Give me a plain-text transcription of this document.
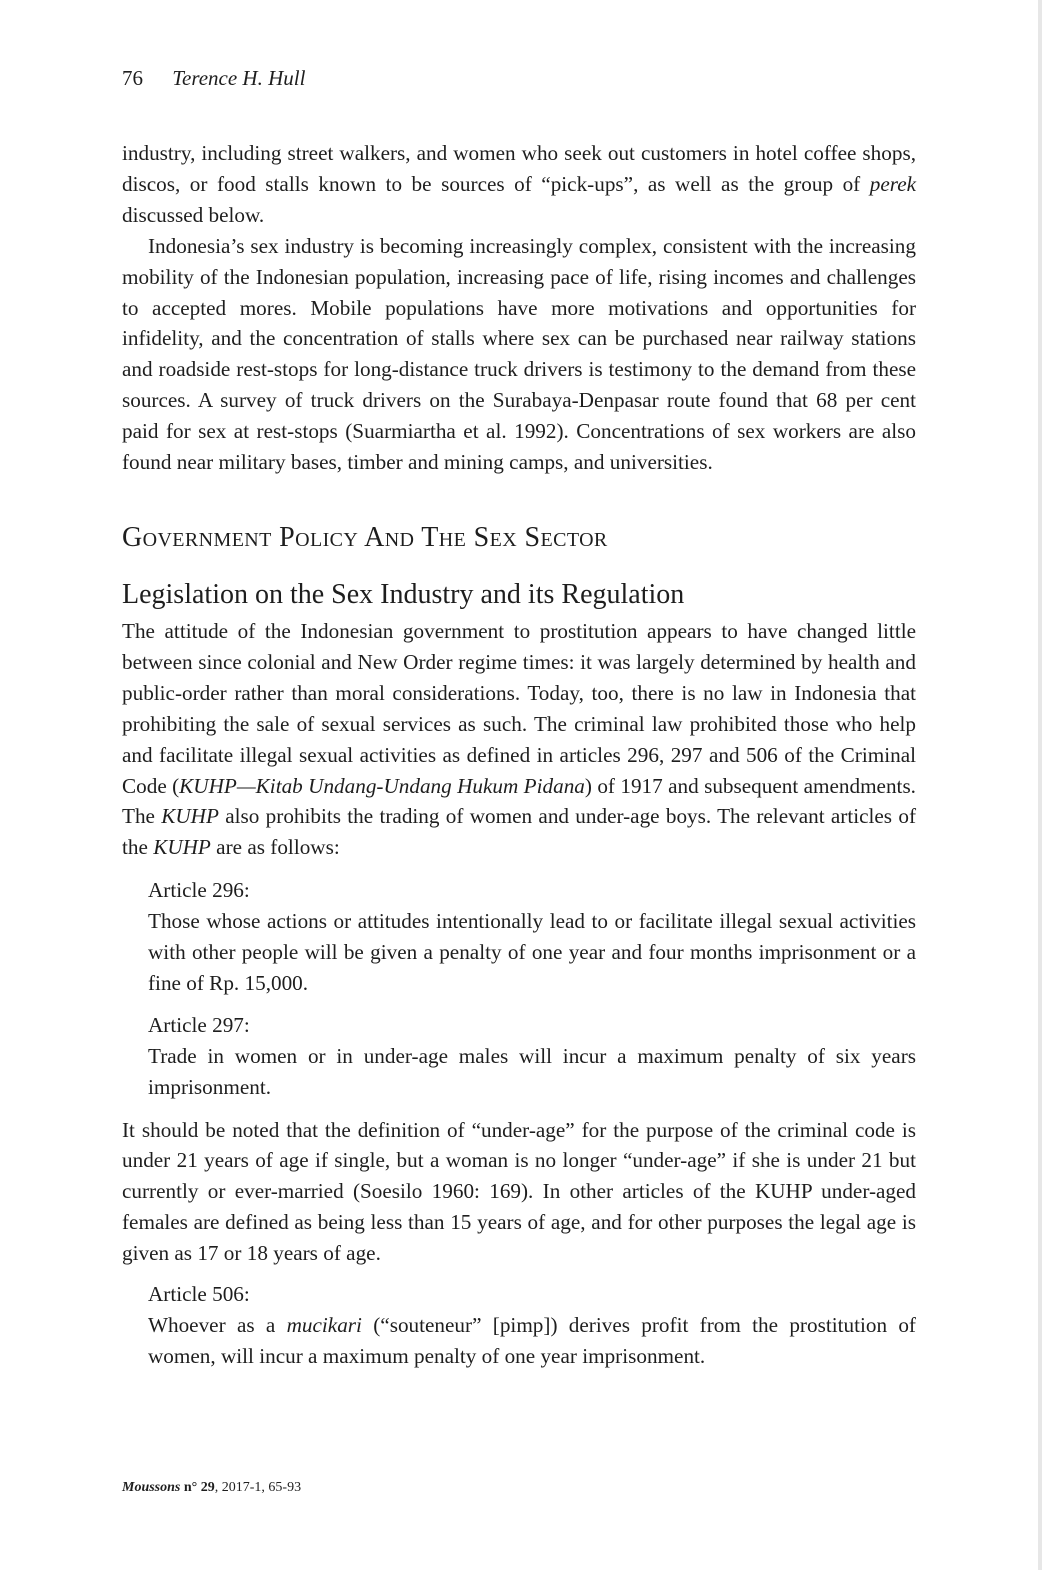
76 Terence H. Hull

industry, including street walkers, and women who seek out customers in hotel coffee shops, discos, or food stalls known to be sources of “pick-ups”, as well as the group of perek discussed below.

Indonesia’s sex industry is becoming increasingly complex, consistent with the increasing mobility of the Indonesian population, increasing pace of life, rising incomes and challenges to accepted mores. Mobile populations have more motivations and opportunities for infidelity, and the concentration of stalls where sex can be purchased near railway stations and roadside rest-stops for long-distance truck drivers is testimony to the demand from these sources. A survey of truck drivers on the Surabaya-Denpasar route found that 68 per cent paid for sex at rest-stops (Suarmiartha et al. 1992). Concentrations of sex workers are also found near military bases, timber and mining camps, and universities.

Government Policy And The Sex Sector
Legislation on the Sex Industry and its Regulation

The attitude of the Indonesian government to prostitution appears to have changed little between since colonial and New Order regime times: it was largely determined by health and public-order rather than moral considerations. Today, too, there is no law in Indonesia that prohibiting the sale of sexual services as such. The criminal law prohibited those who help and facilitate illegal sexual activities as defined in articles 296, 297 and 506 of the Criminal Code (KUHP—Kitab Undang-Undang Hukum Pidana) of 1917 and subsequent amendments. The KUHP also prohibits the trading of women and under-age boys. The relevant articles of the KUHP are as follows:

Article 296:

Those whose actions or attitudes intentionally lead to or facilitate illegal sexual activities with other people will be given a penalty of one year and four months imprisonment or a fine of Rp. 15,000.

Article 297:

Trade in women or in under-age males will incur a maximum penalty of six years imprisonment.

It should be noted that the definition of “under-age” for the purpose of the criminal code is under 21 years of age if single, but a woman is no longer “under-age” if she is under 21 but currently or ever-married (Soesilo 1960: 169). In other articles of the KUHP under-aged females are defined as being less than 15 years of age, and for other purposes the legal age is given as 17 or 18 years of age.

Article 506:

Whoever as a mucikari (“souteneur” [pimp]) derives profit from the prostitution of women, will incur a maximum penalty of one year imprisonment.

Moussons n° 29, 2017-1, 65-93
